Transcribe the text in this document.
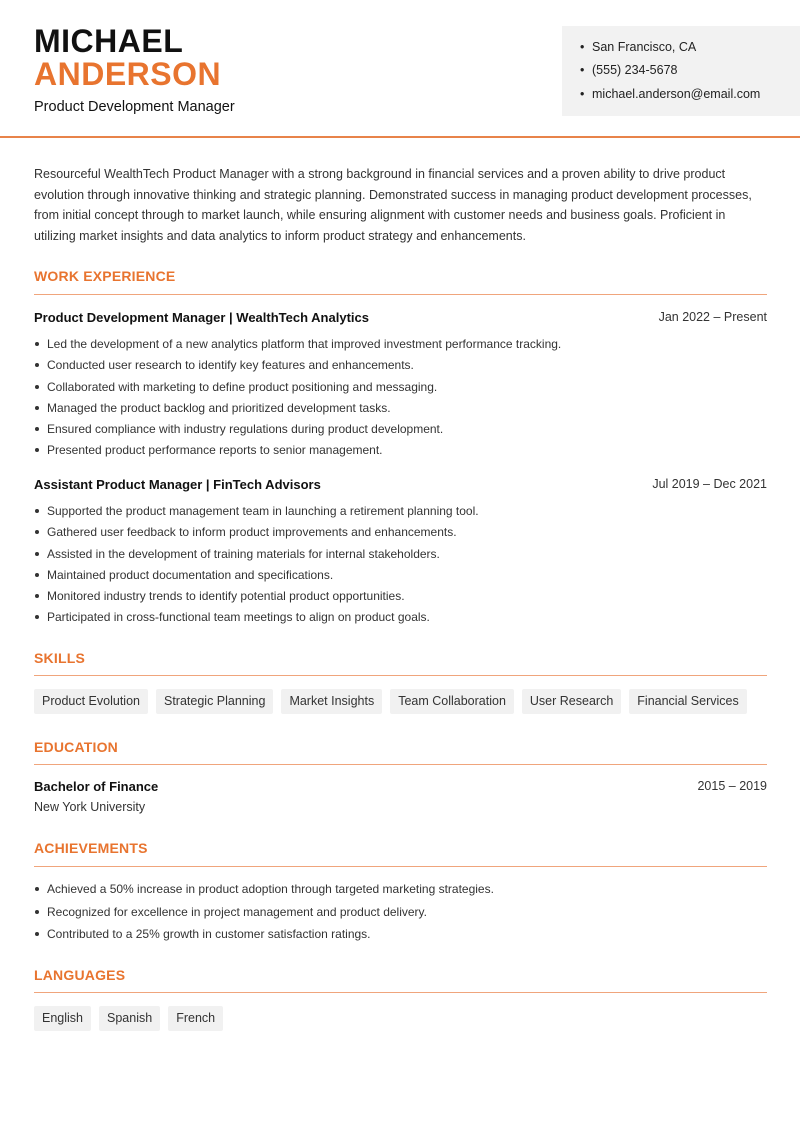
MICHAEL
ANDERSON
Product Development Manager
• San Francisco, CA
• (555) 234-5678
• michael.anderson@email.com
Resourceful WealthTech Product Manager with a strong background in financial services and a proven ability to drive product evolution through innovative thinking and strategic planning. Demonstrated success in managing product development processes, from initial concept through to market launch, while ensuring alignment with customer needs and business goals. Proficient in utilizing market insights and data analytics to inform product strategy and enhancements.
WORK EXPERIENCE
Product Development Manager | WealthTech Analytics	Jan 2022 – Present
Led the development of a new analytics platform that improved investment performance tracking.
Conducted user research to identify key features and enhancements.
Collaborated with marketing to define product positioning and messaging.
Managed the product backlog and prioritized development tasks.
Ensured compliance with industry regulations during product development.
Presented product performance reports to senior management.
Assistant Product Manager | FinTech Advisors	Jul 2019 – Dec 2021
Supported the product management team in launching a retirement planning tool.
Gathered user feedback to inform product improvements and enhancements.
Assisted in the development of training materials for internal stakeholders.
Maintained product documentation and specifications.
Monitored industry trends to identify potential product opportunities.
Participated in cross-functional team meetings to align on product goals.
SKILLS
Product Evolution	Strategic Planning	Market Insights	Team Collaboration	User Research	Financial Services
EDUCATION
Bachelor of Finance	2015 – 2019
New York University
ACHIEVEMENTS
Achieved a 50% increase in product adoption through targeted marketing strategies.
Recognized for excellence in project management and product delivery.
Contributed to a 25% growth in customer satisfaction ratings.
LANGUAGES
English	Spanish	French
